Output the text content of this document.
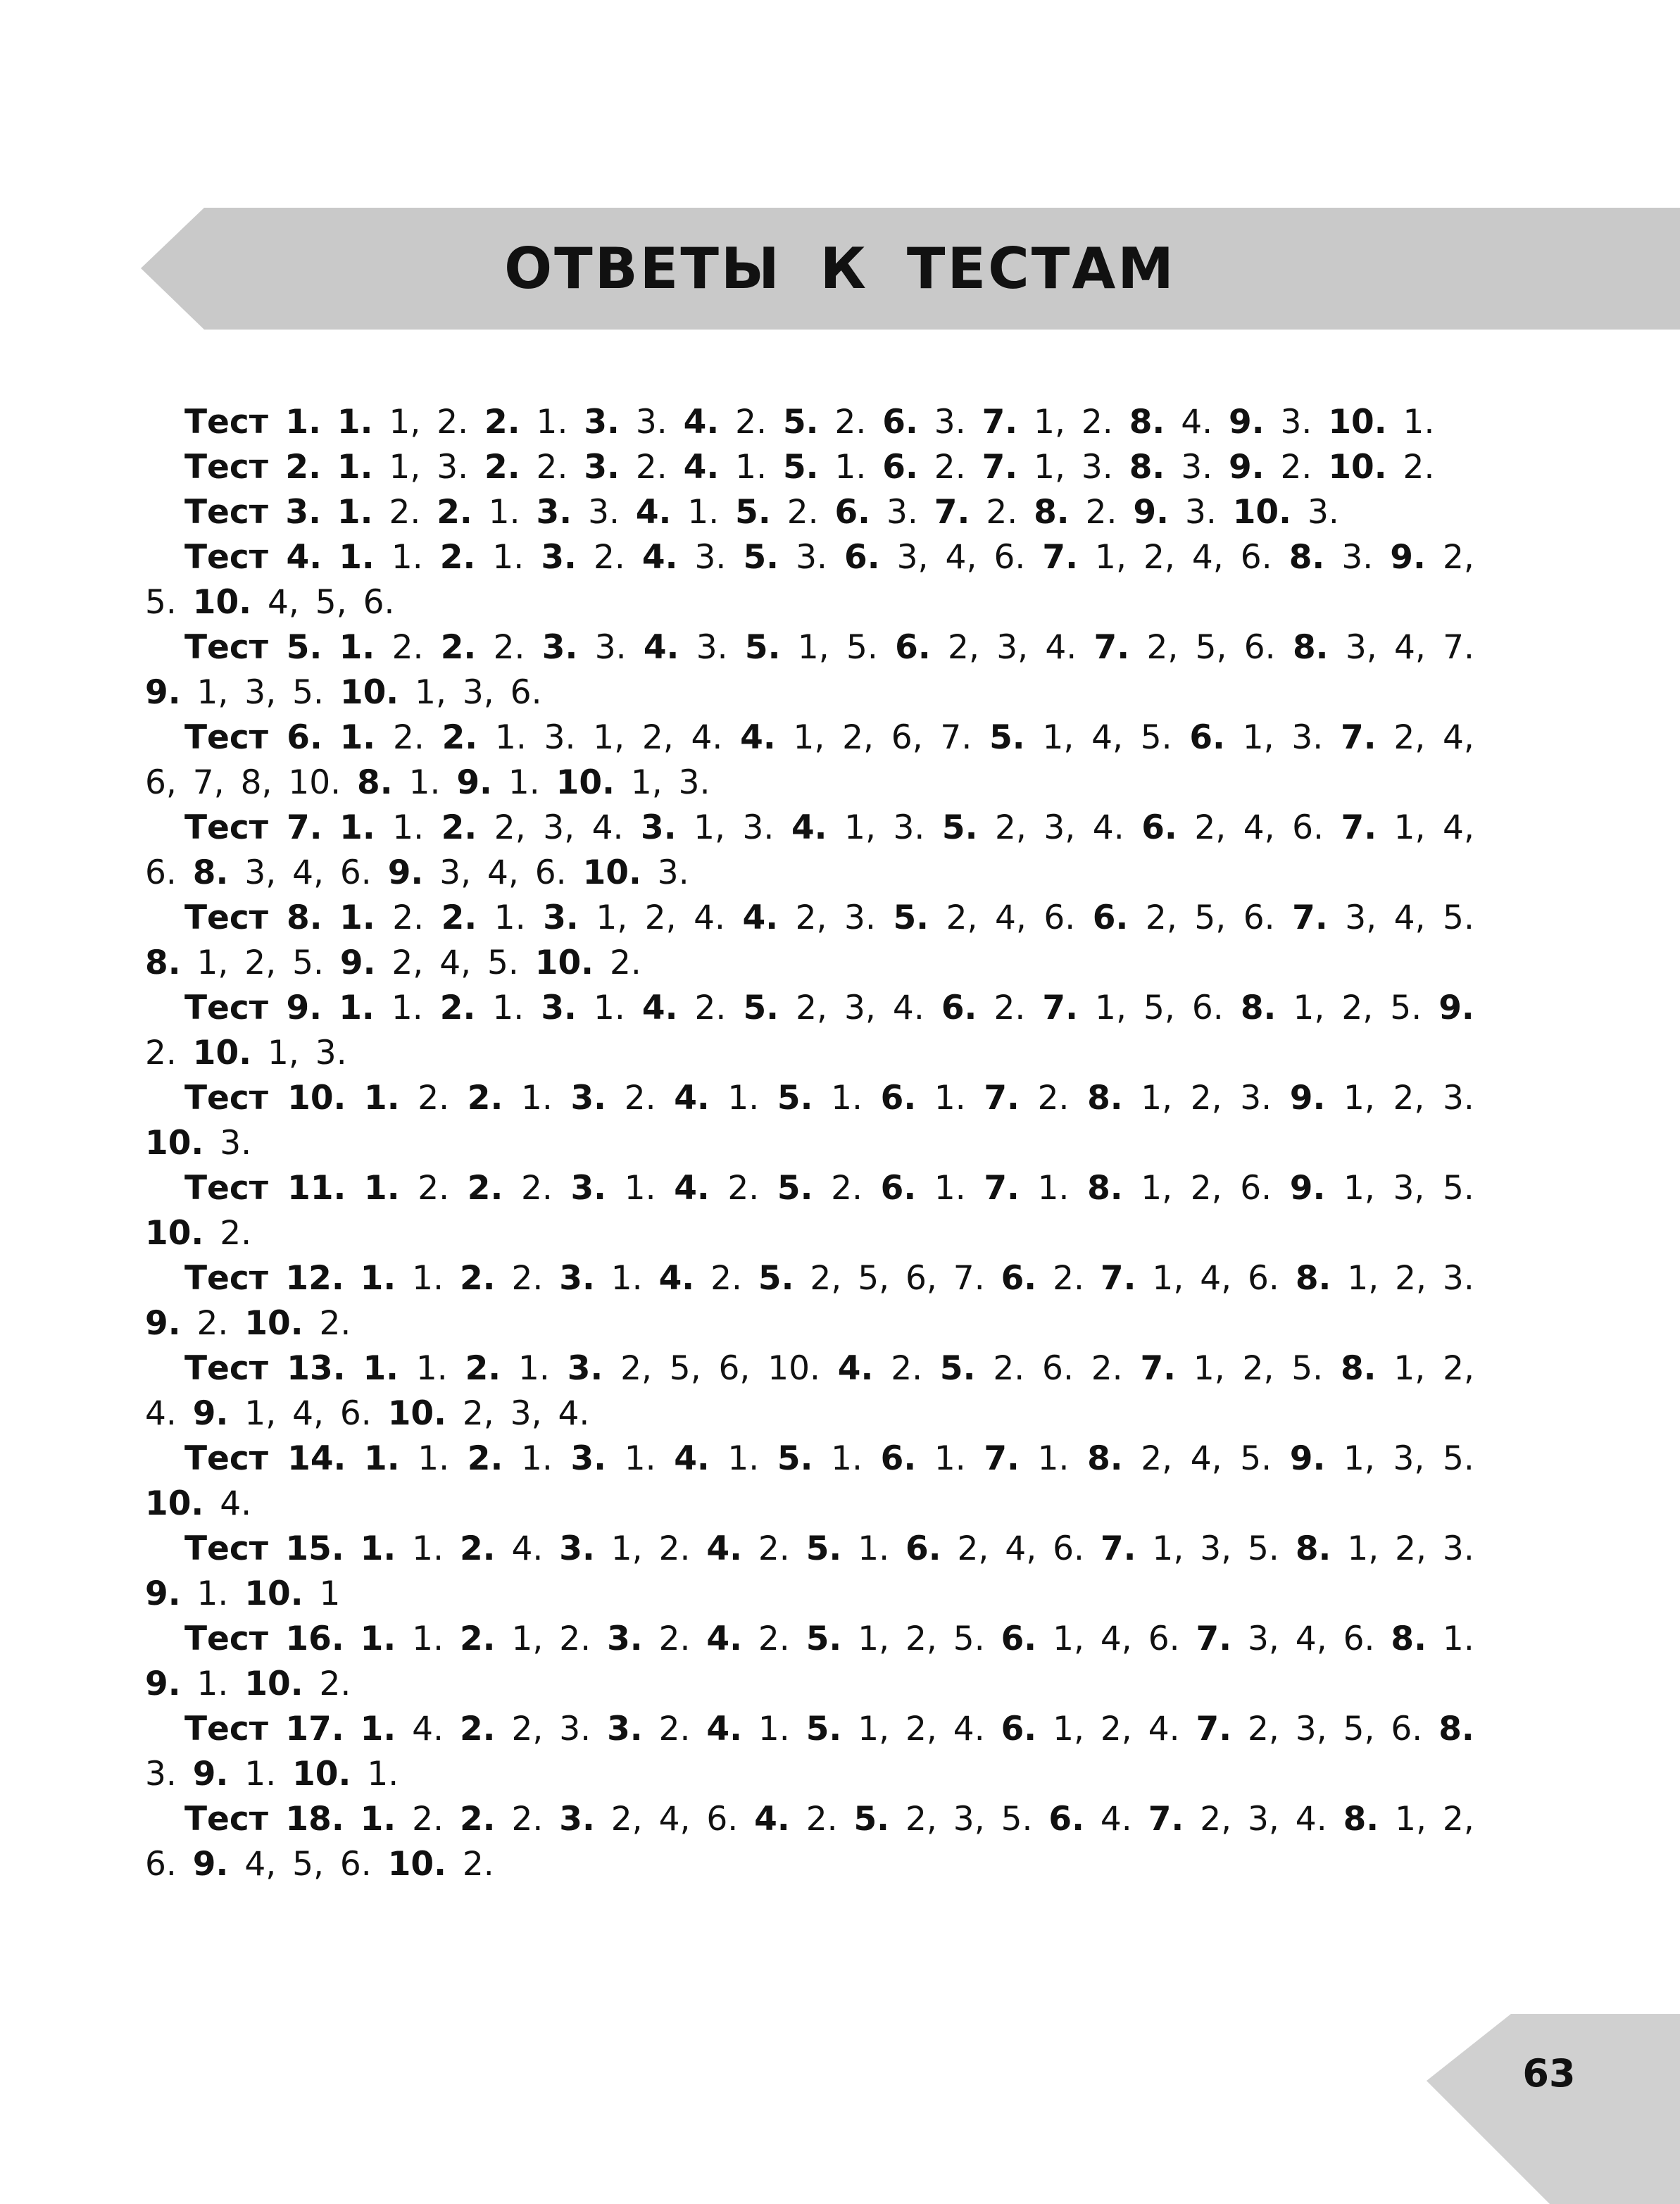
ОТВЕТЫ К ТЕСТАМ

Тест 1. 1. 1, 2. 2. 1. 3. 3. 4. 2. 5. 2. 6. 3. 7. 1, 2. 8. 4. 9. 3. 10. 1.

Тест 2. 1. 1, 3. 2. 2. 3. 2. 4. 1. 5. 1. 6. 2. 7. 1, 3. 8. 3. 9. 2. 10. 2.

Тест 3. 1. 2. 2. 1. 3. 3. 4. 1. 5. 2. 6. 3. 7. 2. 8. 2. 9. 3. 10. 3.

Тест 4. 1. 1. 2. 1. 3. 2. 4. 3. 5. 3. 6. 3, 4, 6. 7. 1, 2, 4, 6. 8. 3. 9. 2, 5. 10. 4, 5, 6.

Тест 5. 1. 2. 2. 2. 3. 3. 4. 3. 5. 1, 5. 6. 2, 3, 4. 7. 2, 5, 6. 8. 3, 4, 7. 9. 1, 3, 5. 10. 1, 3, 6.

Тест 6. 1. 2. 2. 1. 3. 1, 2, 4. 4. 1, 2, 6, 7. 5. 1, 4, 5. 6. 1, 3. 7. 2, 4, 6, 7, 8, 10. 8. 1. 9. 1. 10. 1, 3.

Тест 7. 1. 1. 2. 2, 3, 4. 3. 1, 3. 4. 1, 3. 5. 2, 3, 4. 6. 2, 4, 6. 7. 1, 4, 6. 8. 3, 4, 6. 9. 3, 4, 6. 10. 3.

Тест 8. 1. 2. 2. 1. 3. 1, 2, 4. 4. 2, 3. 5. 2, 4, 6. 6. 2, 5, 6. 7. 3, 4, 5. 8. 1, 2, 5. 9. 2, 4, 5. 10. 2.

Тест 9. 1. 1. 2. 1. 3. 1. 4. 2. 5. 2, 3, 4. 6. 2. 7. 1, 5, 6. 8. 1, 2, 5. 9. 2. 10. 1, 3.

Тест 10. 1. 2. 2. 1. 3. 2. 4. 1. 5. 1. 6. 1. 7. 2. 8. 1, 2, 3. 9. 1, 2, 3. 10. 3.

Тест 11. 1. 2. 2. 2. 3. 1. 4. 2. 5. 2. 6. 1. 7. 1. 8. 1, 2, 6. 9. 1, 3, 5. 10. 2.

Тест 12. 1. 1. 2. 2. 3. 1. 4. 2. 5. 2, 5, 6, 7. 6. 2. 7. 1, 4, 6. 8. 1, 2, 3. 9. 2. 10. 2.

Тест 13. 1. 1. 2. 1. 3. 2, 5, 6, 10. 4. 2. 5. 2. 6. 2. 7. 1, 2, 5. 8. 1, 2, 4. 9. 1, 4, 6. 10. 2, 3, 4.

Тест 14. 1. 1. 2. 1. 3. 1. 4. 1. 5. 1. 6. 1. 7. 1. 8. 2, 4, 5. 9. 1, 3, 5. 10. 4.

Тест 15. 1. 1. 2. 4. 3. 1, 2. 4. 2. 5. 1. 6. 2, 4, 6. 7. 1, 3, 5. 8. 1, 2, 3. 9. 1. 10. 1

Тест 16. 1. 1. 2. 1, 2. 3. 2. 4. 2. 5. 1, 2, 5. 6. 1, 4, 6. 7. 3, 4, 6. 8. 1. 9. 1. 10. 2.

Тест 17. 1. 4. 2. 2, 3. 3. 2. 4. 1. 5. 1, 2, 4. 6. 1, 2, 4. 7. 2, 3, 5, 6. 8. 3. 9. 1. 10. 1.

Тест 18. 1. 2. 2. 2. 3. 2, 4, 6. 4. 2. 5. 2, 3, 5. 6. 4. 7. 2, 3, 4. 8. 1, 2, 6. 9. 4, 5, 6. 10. 2.

63
